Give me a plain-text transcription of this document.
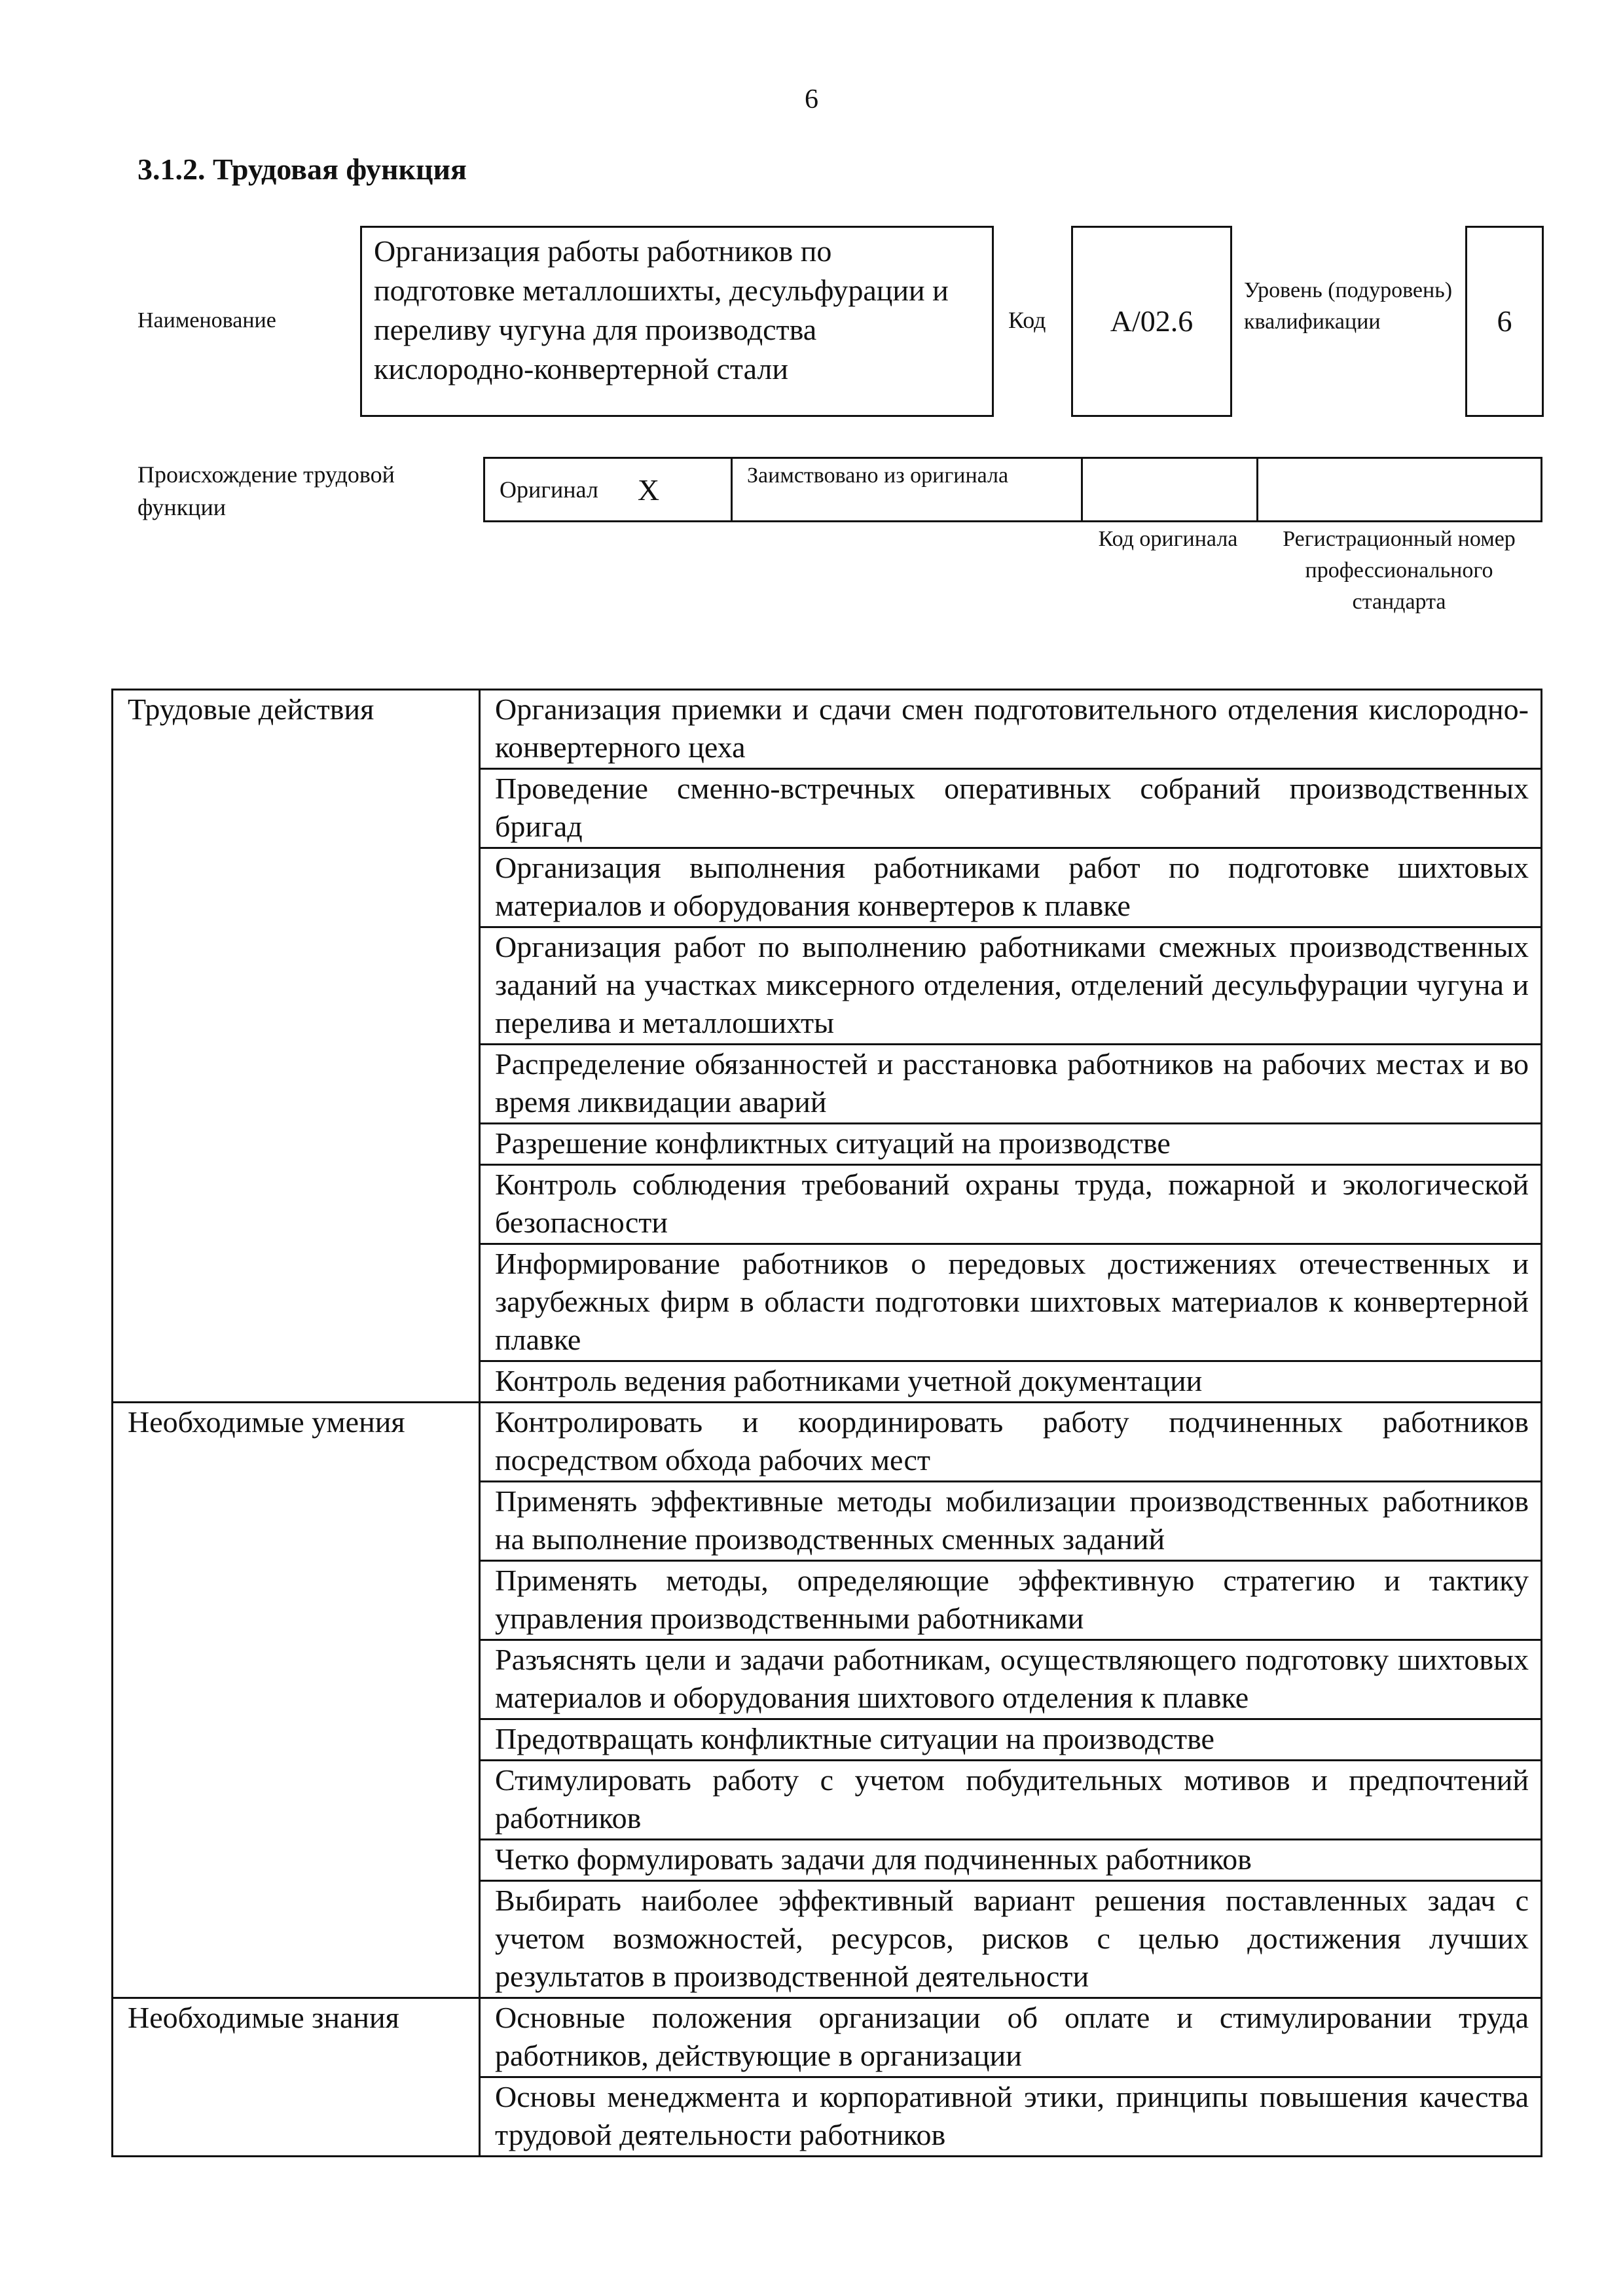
6
3.1.2. Трудовая функция
Наименование
Организация работы работников по подготовке металлошихты, десульфурации и переливу чугуна для производства кислородно-конвертерной стали
Код А/02.6
Уровень (подуровень) квалификации	6
Происхождение трудовой функции
Оригинал X	Заимствовано из оригинала
Код оригинала	Регистрационный номер профессионального стандарта
Трудовые действия	Организация приемки и сдачи смен подготовительного отделения кислородно-конвертерного цеха
	Проведение сменно-встречных оперативных собраний производственных бригад
	Организация выполнения работниками работ по подготовке шихтовых материалов и оборудования конвертеров к плавке
	Организация работ по выполнению работниками смежных производственных заданий на участках миксерного отделения, отделений десульфурации чугуна и перелива и металлошихты
	Распределение обязанностей и расстановка работников на рабочих местах и во время ликвидации аварий
	Разрешение конфликтных ситуаций на производстве
	Контроль соблюдения требований охраны труда, пожарной и экологической безопасности
	Информирование работников о передовых достижениях отечественных и зарубежных фирм в области подготовки шихтовых материалов к конвертерной плавке
	Контроль ведения работниками учетной документации
Необходимые умения	Контролировать и координировать работу подчиненных работников посредством обхода рабочих мест
	Применять эффективные методы мобилизации производственных работников на выполнение производственных сменных заданий
	Применять методы, определяющие эффективную стратегию и тактику управления производственными работниками
	Разъяснять цели и задачи работникам, осуществляющего подготовку шихтовых материалов и оборудования шихтового отделения к плавке
	Предотвращать конфликтные ситуации на производстве
	Стимулировать работу с учетом побудительных мотивов и предпочтений работников
	Четко формулировать задачи для подчиненных работников
	Выбирать наиболее эффективный вариант решения поставленных задач с учетом возможностей, ресурсов, рисков с целью достижения лучших результатов в производственной деятельности
Необходимые знания	Основные положения организации об оплате и стимулировании труда работников, действующие в организации
	Основы менеджмента и корпоративной этики, принципы повышения качества трудовой деятельности работников
